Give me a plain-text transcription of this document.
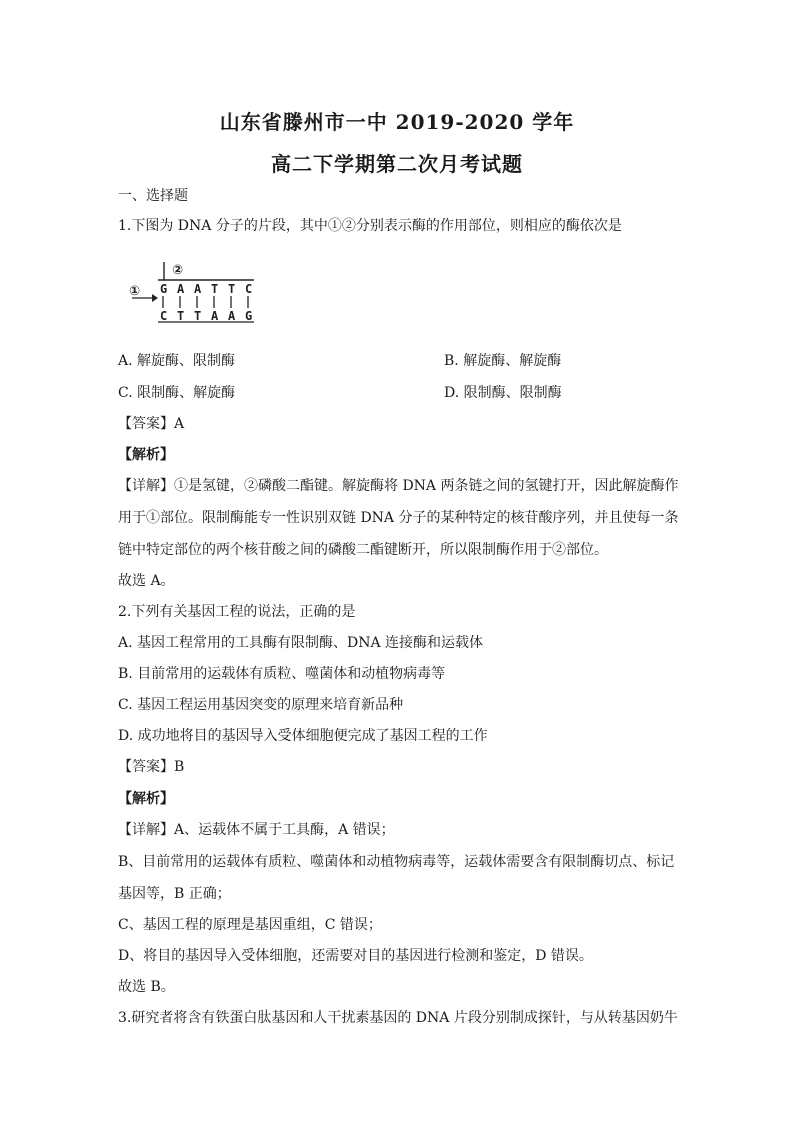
山东省滕州市一中 2019-2020 学年
高二下学期第二次月考试题
一、选择题
1.下图为 DNA 分子的片段，其中①②分别表示酶的作用部位，则相应的酶依次是
①
②
G A A T T C
C T T A A G
A. 解旋酶、限制酶	B. 解旋酶、解旋酶
C. 限制酶、解旋酶	D. 限制酶、限制酶
【答案】A
【解析】
【详解】①是氢键，②磷酸二酯键。解旋酶将 DNA 两条链之间的氢键打开，因此解旋酶作
用于①部位。限制酶能专一性识别双链 DNA 分子的某种特定的核苷酸序列，并且使每一条
链中特定部位的两个核苷酸之间的磷酸二酯键断开，所以限制酶作用于②部位。
故选 A。
2.下列有关基因工程的说法，正确的是
A. 基因工程常用的工具酶有限制酶、DNA 连接酶和运载体
B. 目前常用的运载体有质粒、噬菌体和动植物病毒等
C. 基因工程运用基因突变的原理来培育新品种
D. 成功地将目的基因导入受体细胞便完成了基因工程的工作
【答案】B
【解析】
【详解】A、运载体不属于工具酶，A 错误；
B、目前常用的运载体有质粒、噬菌体和动植物病毒等，运载体需要含有限制酶切点、标记
基因等，B 正确；
C、基因工程的原理是基因重组，C 错误；
D、将目的基因导入受体细胞，还需要对目的基因进行检测和鉴定，D 错误。
故选 B。
3.研究者将含有铁蛋白肽基因和人干扰素基因的 DNA 片段分别制成探针，与从转基因奶牛
